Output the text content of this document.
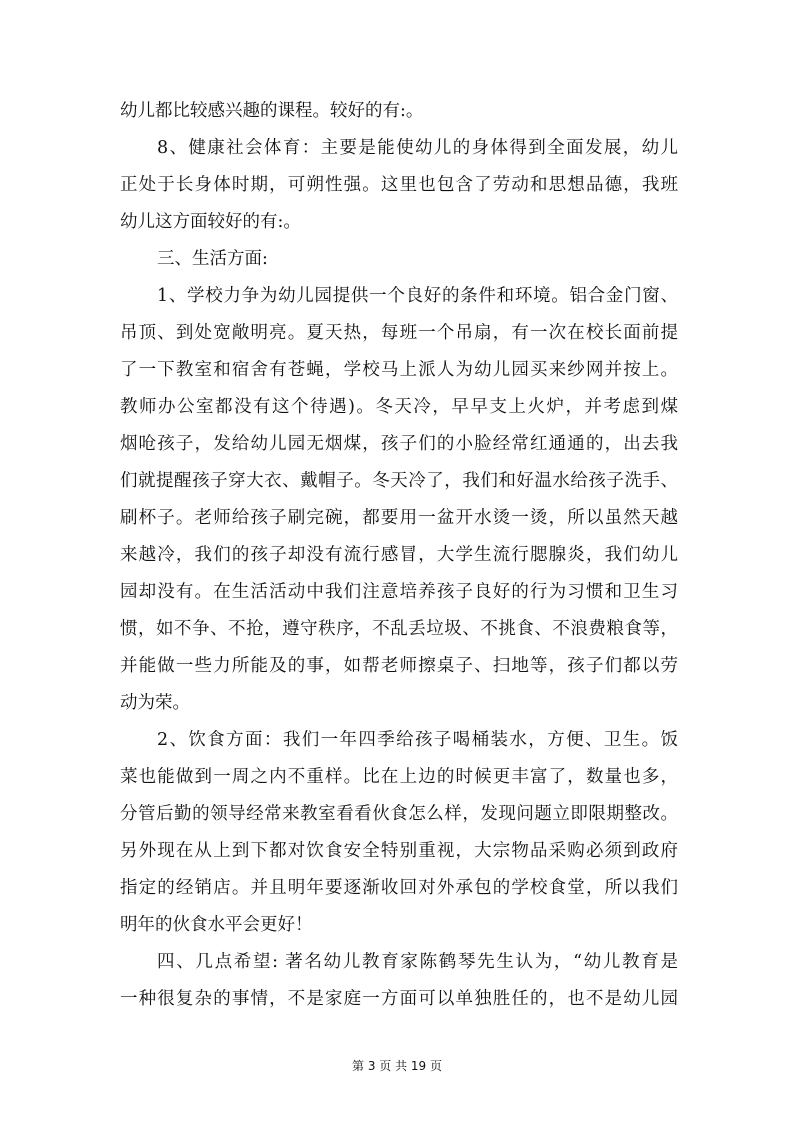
幼儿都比较感兴趣的课程。较好的有:。
8、健康社会体育：主要是能使幼儿的身体得到全面发展，幼儿
正处于长身体时期，可朔性强。这里也包含了劳动和思想品德，我班
幼儿这方面较好的有:。
三、生活方面:
1、学校力争为幼儿园提供一个良好的条件和环境。铝合金门窗、
吊顶、到处宽敞明亮。夏天热，每班一个吊扇，有一次在校长面前提
了一下教室和宿舍有苍蝇，学校马上派人为幼儿园买来纱网并按上。
教师办公室都没有这个待遇)。冬天冷，早早支上火炉，并考虑到煤
烟呛孩子，发给幼儿园无烟煤，孩子们的小脸经常红通通的，出去我
们就提醒孩子穿大衣、戴帽子。冬天冷了，我们和好温水给孩子洗手、
刷杯子。老师给孩子刷完碗，都要用一盆开水烫一烫，所以虽然天越
来越冷，我们的孩子却没有流行感冒，大学生流行腮腺炎，我们幼儿
园却没有。在生活活动中我们注意培养孩子良好的行为习惯和卫生习
惯，如不争、不抢，遵守秩序，不乱丢垃圾、不挑食、不浪费粮食等，
并能做一些力所能及的事，如帮老师擦桌子、扫地等，孩子们都以劳
动为荣。
2、饮食方面：我们一年四季给孩子喝桶装水，方便、卫生。饭
菜也能做到一周之内不重样。比在上边的时候更丰富了，数量也多，
分管后勤的领导经常来教室看看伙食怎么样，发现问题立即限期整改。
另外现在从上到下都对饮食安全特别重视，大宗物品采购必须到政府
指定的经销店。并且明年要逐渐收回对外承包的学校食堂，所以我们
明年的伙食水平会更好！
四、几点希望: 著名幼儿教育家陈鹤琴先生认为，“幼儿教育是
一种很复杂的事情，不是家庭一方面可以单独胜任的，也不是幼儿园
第 3 页 共 19 页
